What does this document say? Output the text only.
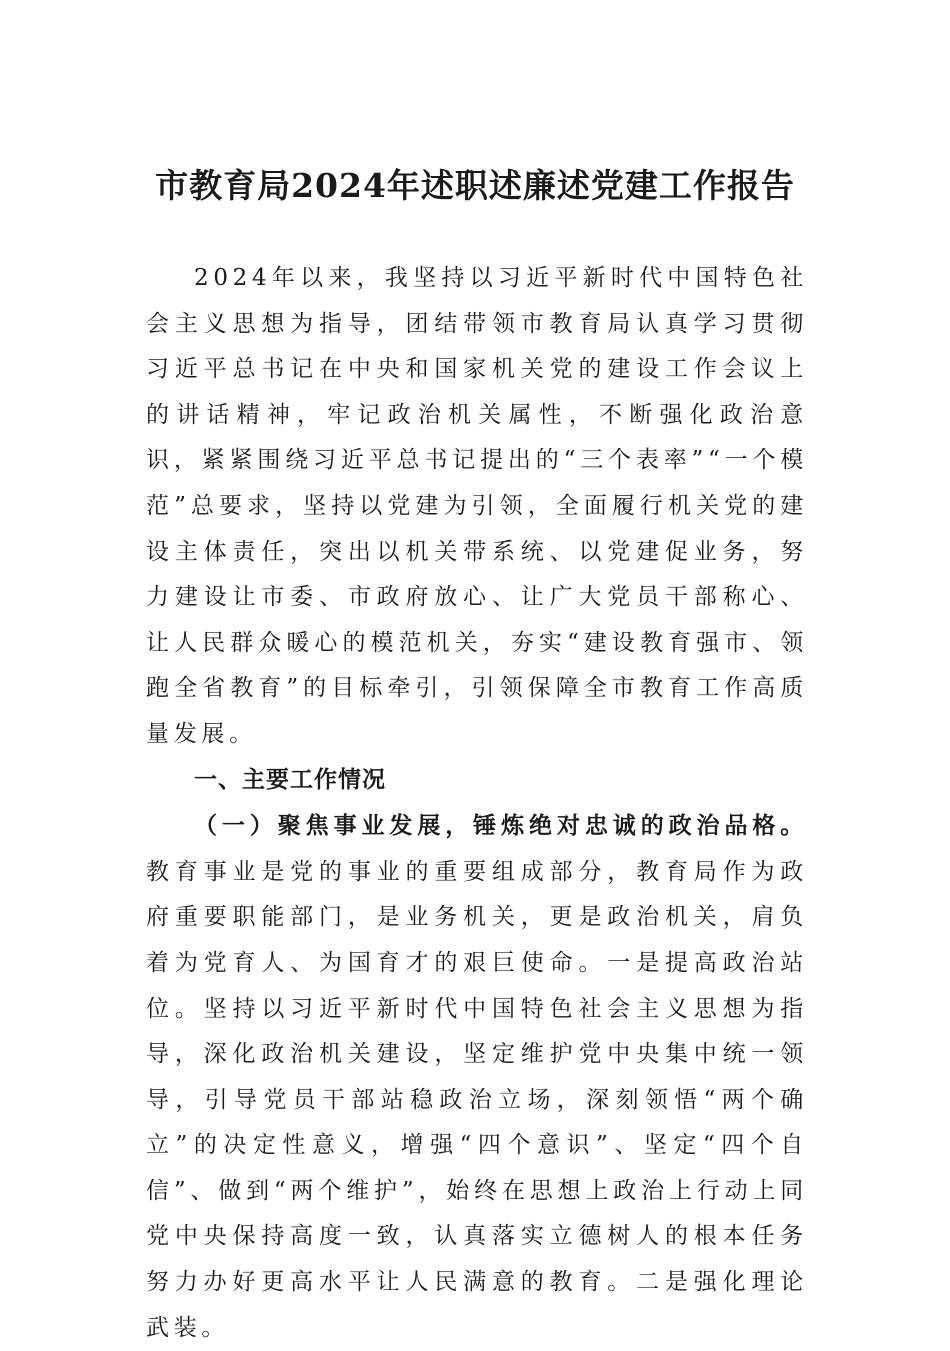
市教育局2024年述职述廉述党建工作报告

2024年以来，我坚持以习近平新时代中国特色社会主义思想为指导，团结带领市教育局认真学习贯彻习近平总书记在中央和国家机关党的建设工作会议上的讲话精神，牢记政治机关属性，不断强化政治意识，紧紧围绕习近平总书记提出的“三个表率”“一个模范”总要求，坚持以党建为引领，全面履行机关党的建设主体责任，突出以机关带系统、以党建促业务，努力建设让市委、市政府放心、让广大党员干部称心、让人民群众暖心的模范机关，夯实“建设教育强市、领跑全省教育”的目标牵引，引领保障全市教育工作高质量发展。

一、主要工作情况

（一）聚焦事业发展，锤炼绝对忠诚的政治品格。教育事业是党的事业的重要组成部分，教育局作为政府重要职能部门，是业务机关，更是政治机关，肩负着为党育人、为国育才的艰巨使命。一是提高政治站位。坚持以习近平新时代中国特色社会主义思想为指导，深化政治机关建设，坚定维护党中央集中统一领导，引导党员干部站稳政治立场，深刻领悟“两个确立”的决定性意义，增强“四个意识”、坚定“四个自信”、做到“两个维护”，始终在思想上政治上行动上同党中央保持高度一致，认真落实立德树人的根本任务努力办好更高水平让人民满意的教育。二是强化理论武装。
